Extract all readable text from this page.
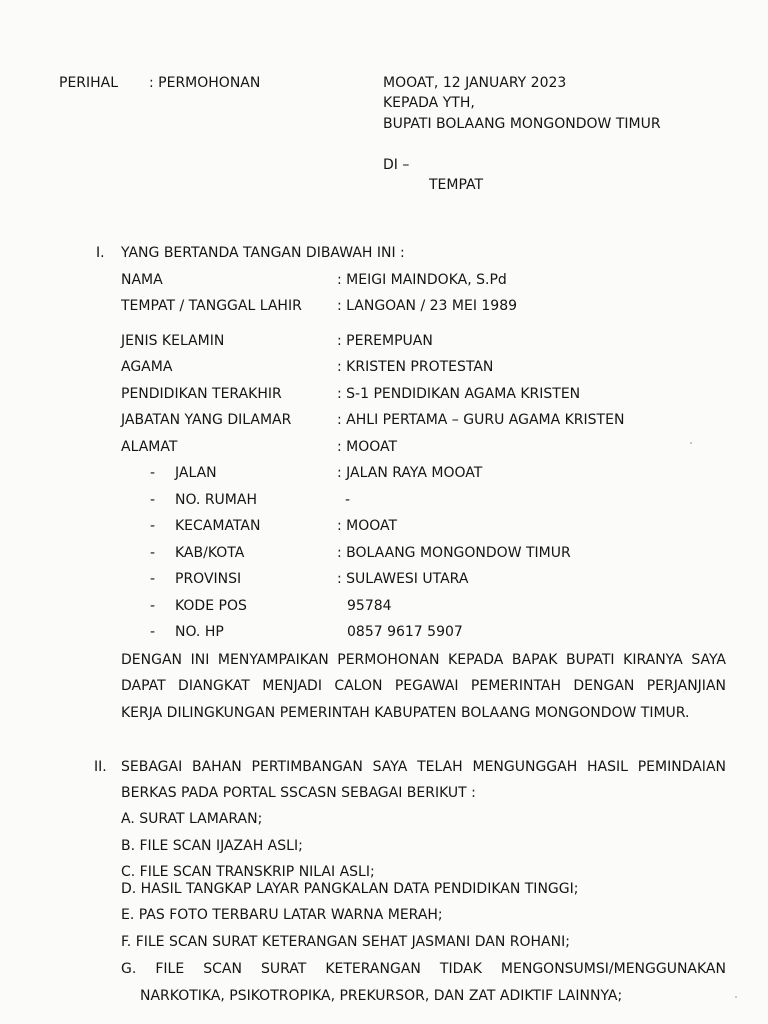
PERIHAL : PERMOHONAN	MOOAT, 12 JANUARY 2023
KEPADA YTH,
BUPATI BOLAANG MONGONDOW TIMUR
DI –
TEMPAT
I. YANG BERTANDA TANGAN DIBAWAH INI :
NAMA	: MEIGI MAINDOKA, S.Pd
TEMPAT / TANGGAL LAHIR	: LANGOAN / 23 MEI 1989
JENIS KELAMIN	: PEREMPUAN
AGAMA	: KRISTEN PROTESTAN
PENDIDIKAN TERAKHIR	: S-1 PENDIDIKAN AGAMA KRISTEN
JABATAN YANG DILAMAR	: AHLI PERTAMA – GURU AGAMA KRISTEN
ALAMAT	: MOOAT
- JALAN	: JALAN RAYA MOOAT
- NO. RUMAH	-
- KECAMATAN	: MOOAT
- KAB/KOTA	: BOLAANG MONGONDOW TIMUR
- PROVINSI	: SULAWESI UTARA
- KODE POS	95784
- NO. HP	0857 9617 5907
DENGAN INI MENYAMPAIKAN PERMOHONAN KEPADA BAPAK BUPATI KIRANYA SAYA
DAPAT DIANGKAT MENJADI CALON PEGAWAI PEMERINTAH DENGAN PERJANJIAN
KERJA DILINGKUNGAN PEMERINTAH KABUPATEN BOLAANG MONGONDOW TIMUR.
II. SEBAGAI BAHAN PERTIMBANGAN SAYA TELAH MENGUNGGAH HASIL PEMINDAIAN
BERKAS PADA PORTAL SSCASN SEBAGAI BERIKUT :
A. SURAT LAMARAN;
B. FILE SCAN IJAZAH ASLI;
C. FILE SCAN TRANSKRIP NILAI ASLI;
D. HASIL TANGKAP LAYAR PANGKALAN DATA PENDIDIKAN TINGGI;
E. PAS FOTO TERBARU LATAR WARNA MERAH;
F. FILE SCAN SURAT KETERANGAN SEHAT JASMANI DAN ROHANI;
G. FILE SCAN SURAT KETERANGAN TIDAK MENGONSUMSI/MENGGUNAKAN
NARKOTIKA, PSIKOTROPIKA, PREKURSOR, DAN ZAT ADIKTIF LAINNYA;
